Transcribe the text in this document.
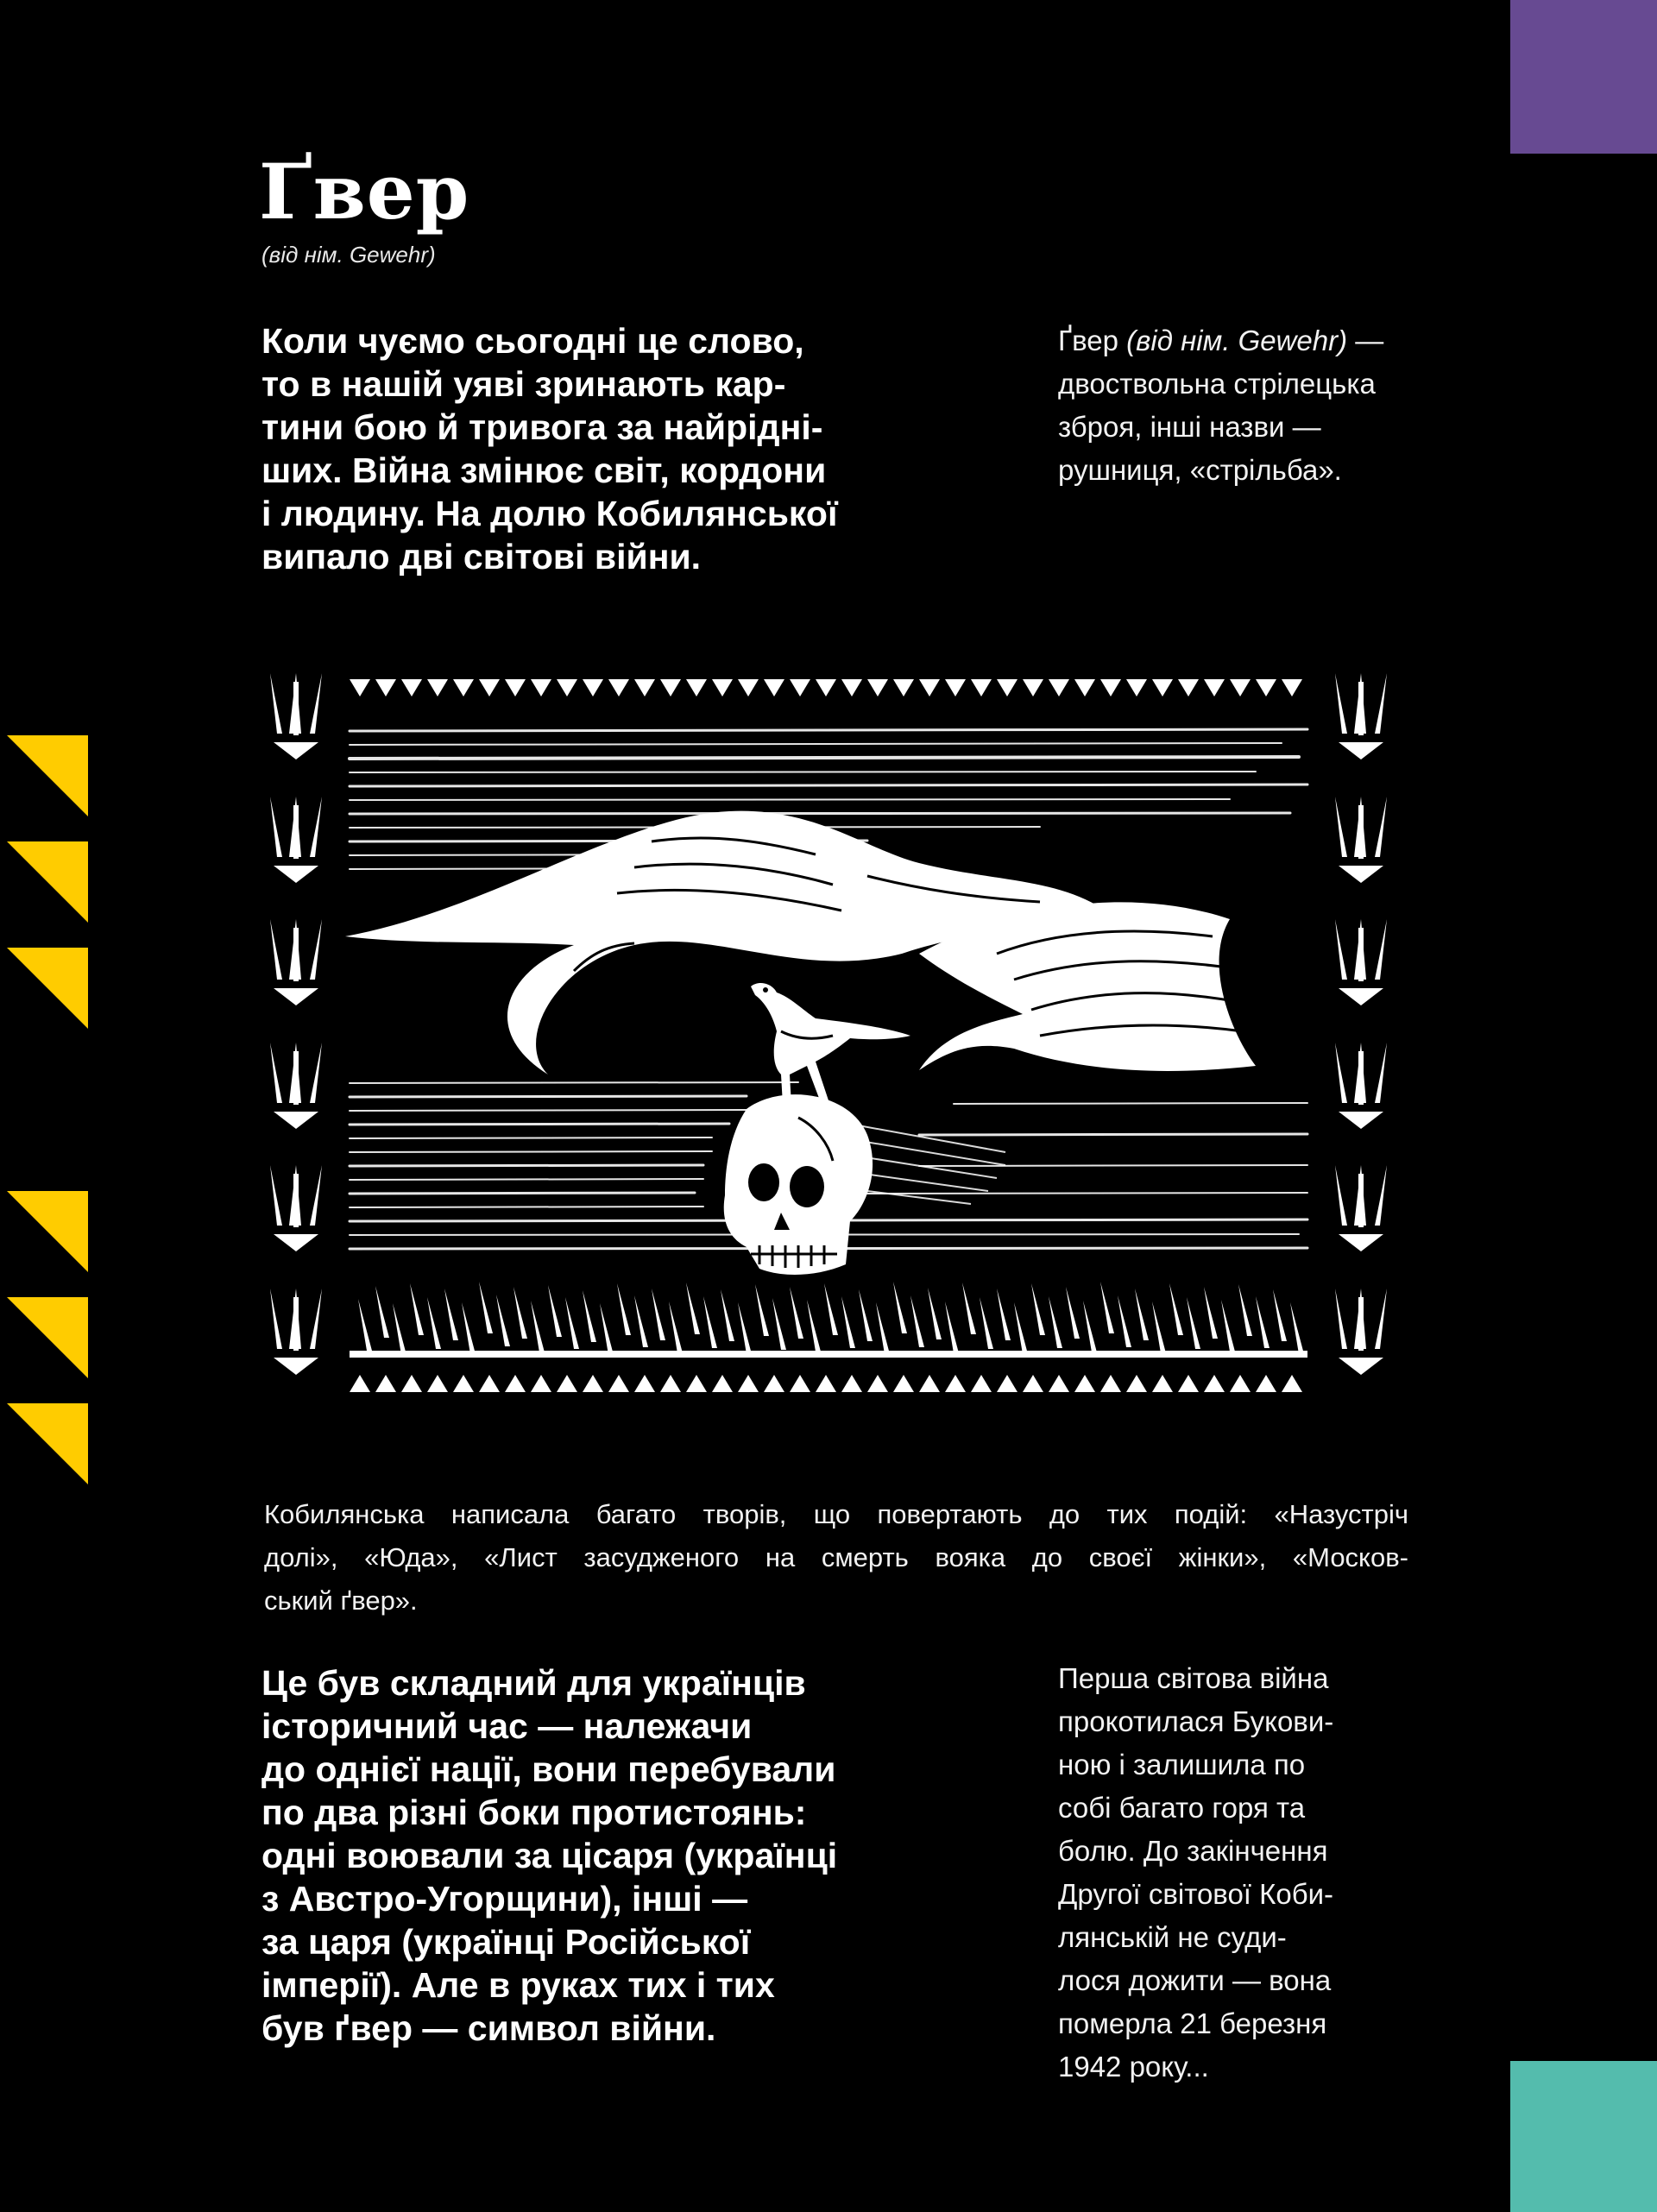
Ґвер
(від нім. Gewehr)
Коли чуємо сьогодні це слово,
то в нашій уяві зринають кар-
тини бою й тривога за найрідні-
ших. Війна змінює світ, кордони
і людину. На долю Кобилянської
випало дві світові війни.
Ґвер (від нім. Gewehr) —
двоствольна стрілецька
зброя, інші назви —
рушниця, «стрільба».
Кобилянська написала багато творів, що повертають до тих подій: «Назустріч
долі», «Юда», «Лист засудженого на смерть вояка до своєї жінки», «Москов-
ський ґвер».
Це був складний для українців
історичний час — належачи
до однієї нації, вони перебували
по два різні боки протистоянь:
одні воювали за цісаря (українці
з Австро-Угорщини), інші —
за царя (українці Російської
імперії). Але в руках тих і тих
був ґвер — символ війни.
Перша світова війна
прокотилася Букови-
ною і залишила по
собі багато горя та
болю. До закінчення
Другої світової Коби-
лянській не суди-
лося дожити — вона
померла 21 березня
1942 року...
